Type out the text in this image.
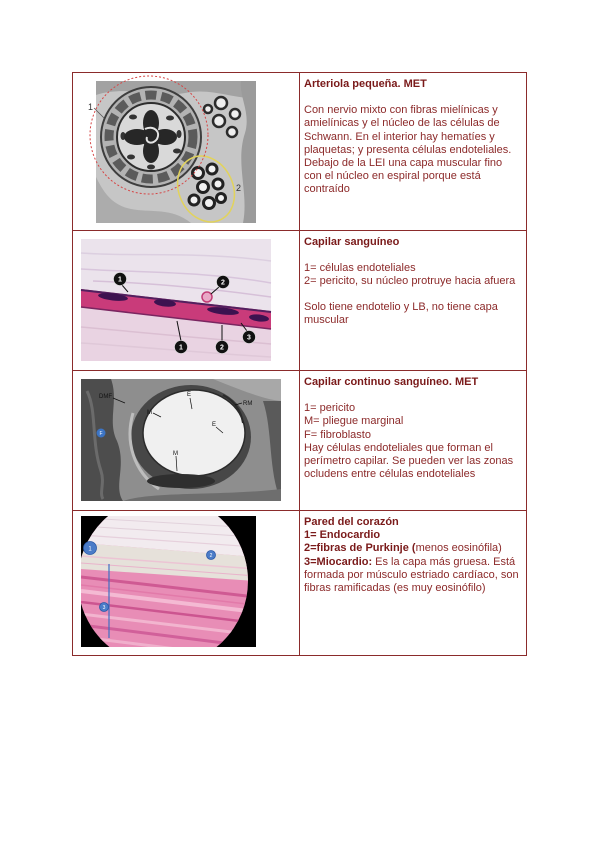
1
2
Arteriola pequeña. MET
Con nervio mixto con fibras mielínicas y
amielínicas y el núcleo de las células de
Schwann. En el interior hay hematíes y
plaquetas; y presenta células endoteliales.
Debajo de la LEI una capa muscular fino
con el núcleo en espiral porque está
contraído
1	2
1	2
3
Capilar sanguíneo
1= células endoteliales
2= pericito, su núcleo protruye hacia afuera
Solo tiene endotelio y LB, no tiene capa
muscular
DMF
M
E
E
RM
M
F
Capilar continuo sanguíneo. MET
1= pericito
M= pliegue marginal
F= fibroblasto
Hay células endoteliales que forman el
perímetro capilar. Se pueden ver las zonas
ocludens entre células endoteliales
1
2
3
Pared del corazón
1= Endocardio
2=fibras de Purkinje (menos eosinófila)
3=Miocardio: Es la capa más gruesa. Está
formada por músculo estriado cardíaco, son
fibras ramificadas (es muy eosinófilo)
